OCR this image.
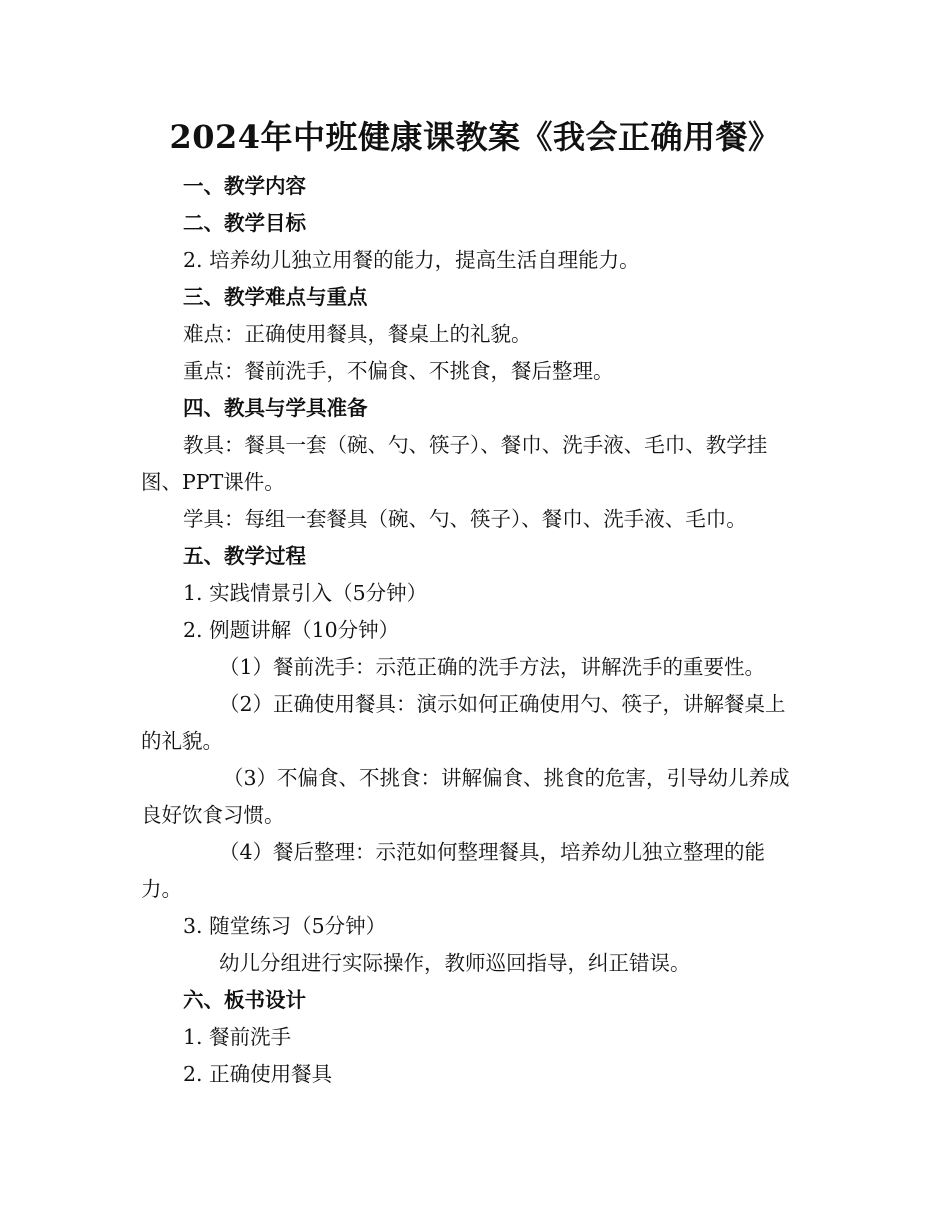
2024年中班健康课教案《我会正确用餐》

一、教学内容

二、教学目标

2. 培养幼儿独立用餐的能力，提高生活自理能力。

三、教学难点与重点

难点：正确使用餐具，餐桌上的礼貌。

重点：餐前洗手，不偏食、不挑食，餐后整理。

四、教具与学具准备

教具：餐具一套（碗、勺、筷子）、餐巾、洗手液、毛巾、教学挂图、PPT课件。

学具：每组一套餐具（碗、勺、筷子）、餐巾、洗手液、毛巾。

五、教学过程

1. 实践情景引入（5分钟）

2. 例题讲解（10分钟）

（1）餐前洗手：示范正确的洗手方法，讲解洗手的重要性。

（2）正确使用餐具：演示如何正确使用勺、筷子，讲解餐桌上的礼貌。

（3）不偏食、不挑食：讲解偏食、挑食的危害，引导幼儿养成良好饮食习惯。

（4）餐后整理：示范如何整理餐具，培养幼儿独立整理的能力。

3. 随堂练习（5分钟）

幼儿分组进行实际操作，教师巡回指导，纠正错误。

六、板书设计

1. 餐前洗手

2. 正确使用餐具
